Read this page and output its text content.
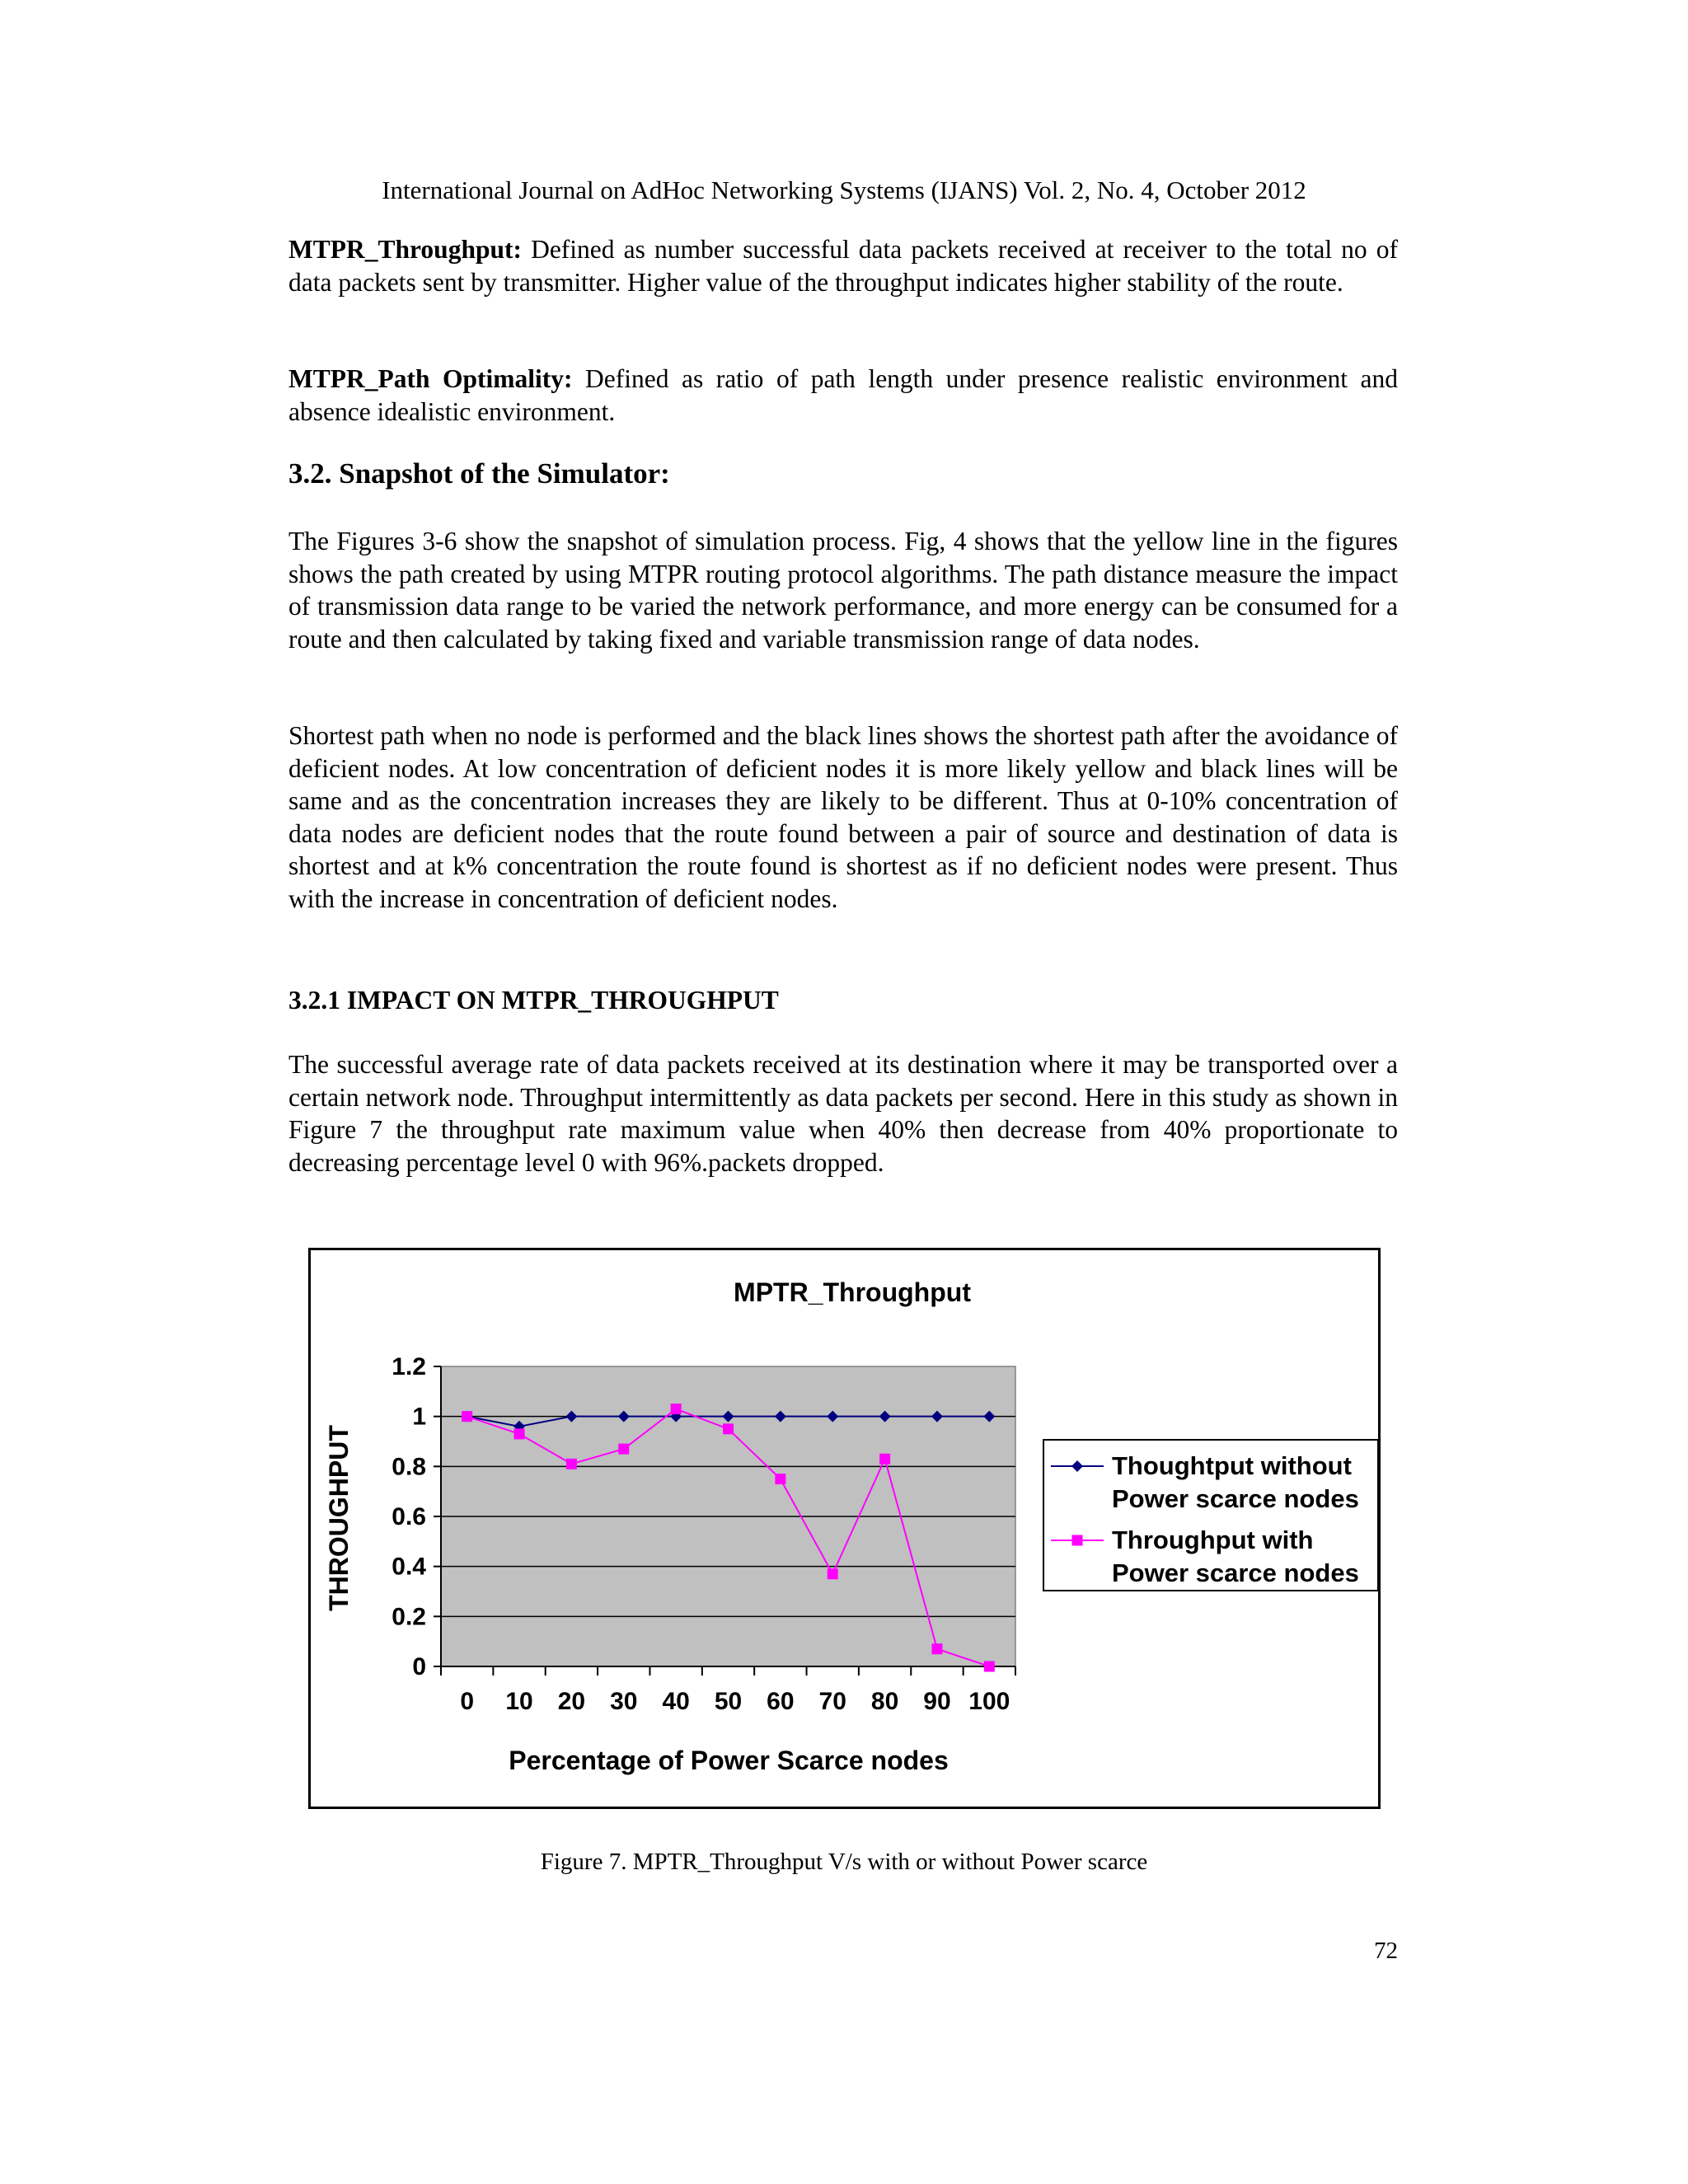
International Journal on AdHoc Networking Systems (IJANS) Vol. 2, No. 4, October 2012

MTPR_Throughput: Defined as number successful data packets received at receiver to the total no of data packets sent by transmitter. Higher value of the throughput indicates higher stability of the route.

MTPR_Path Optimality: Defined as ratio of path length under presence realistic environment and absence idealistic environment.

3.2. Snapshot of the Simulator:

The Figures 3-6 show the snapshot of simulation process. Fig, 4 shows that the yellow line in the figures shows the path created by using MTPR routing protocol algorithms. The path distance measure the impact of transmission data range to be varied the network performance, and more energy can be consumed for a route and then calculated by taking fixed and variable transmission range of data nodes.

Shortest path when no node is performed and the black lines shows the shortest path after the avoidance of deficient nodes. At low concentration of deficient nodes it is more likely yellow and black lines will be same and as the concentration increases they are likely to be different. Thus at 0-10% concentration of data nodes are deficient nodes that the route found between a pair of source and destination of data is shortest and at k% concentration the route found is shortest as if no deficient nodes were present. Thus with the increase in concentration of deficient nodes.

3.2.1 IMPACT ON MTPR_THROUGHPUT

The successful average rate of data packets received at its destination where it may be transported over a certain network node. Throughput intermittently as data packets per second. Here in this study as shown in Figure 7 the throughput rate maximum value when 40% then decrease from 40% proportionate to decreasing percentage level 0 with 96%.packets dropped.

0
0.2
0.4
0.6
0.8
1
1.2
0 10 20 30 40 50 60 70 80 90 100
MPTR_Throughput
Percentage of Power Scarce nodes
THROUGHPUT	Thoughtput without
Power scarce nodes
Throughput with
Power scarce nodes
Figure 7. MPTR_Throughput V/s with or without Power scarce
72
